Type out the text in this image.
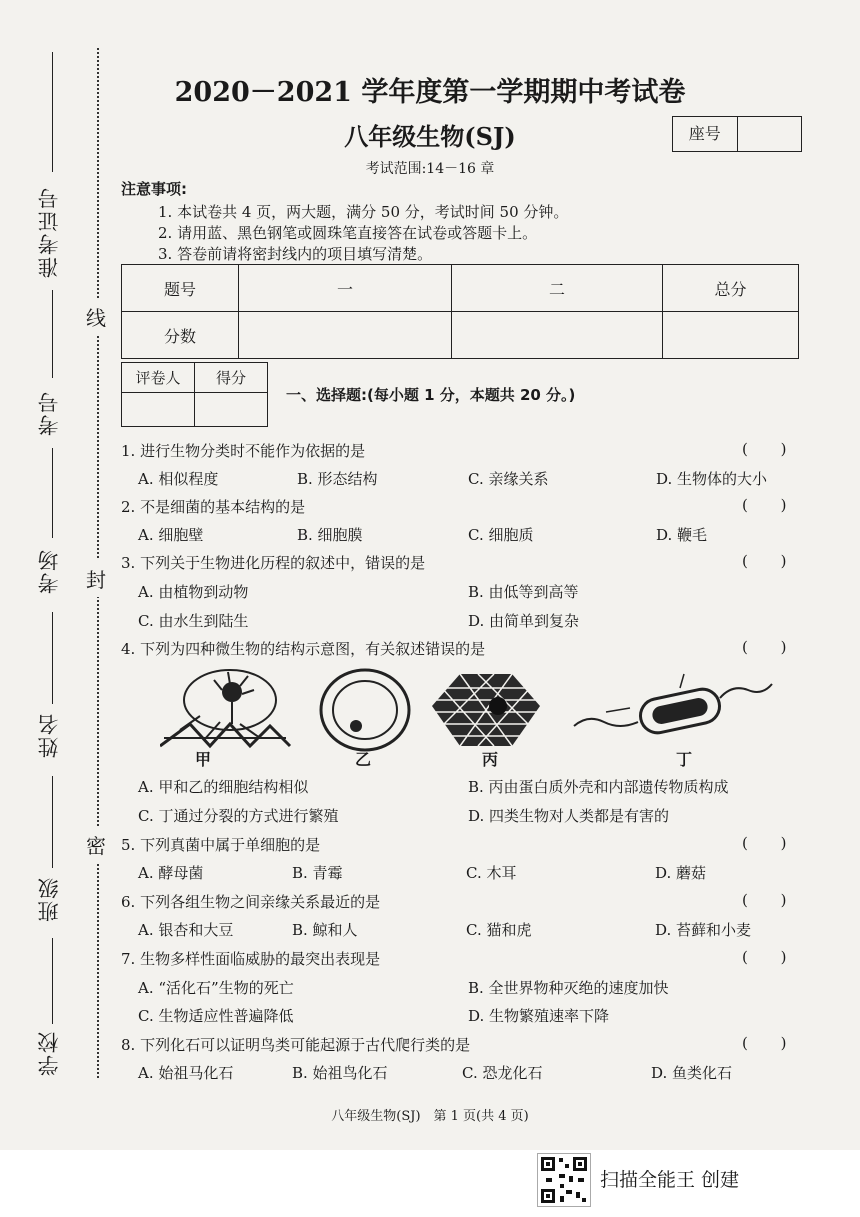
准考证号
考号
考场
姓名
班级
学校
线
封
密
2020－2021 学年度第一学期期中考试卷
八年级生物(SJ)	座号
考试范围:14－16 章
注意事项:
1. 本试卷共 4 页，两大题，满分 50 分，考试时间 50 分钟。
2. 请用蓝、黑色钢笔或圆珠笔直接答在试卷或答题卡上。
3. 答卷前请将密封线内的项目填写清楚。
题号	一	二	总分
分数			
评卷人	得分

一、选择题:(每小题 1 分，本题共 20 分。)
1. 进行生物分类时不能作为依据的是	( )
A. 相似程度	B. 形态结构	C. 亲缘关系	D. 生物体的大小
2. 不是细菌的基本结构的是	( )
A. 细胞壁	B. 细胞膜	C. 细胞质	D. 鞭毛
3. 下列关于生物进化历程的叙述中，错误的是	( )
A. 由植物到动物	B. 由低等到高等
C. 由水生到陆生	D. 由简单到复杂
4. 下列为四种微生物的结构示意图，有关叙述错误的是	( )
甲	乙	丙	丁
A. 甲和乙的细胞结构相似	B. 丙由蛋白质外壳和内部遗传物质构成
C. 丁通过分裂的方式进行繁殖	D. 四类生物对人类都是有害的
5. 下列真菌中属于单细胞的是	( )
A. 酵母菌	B. 青霉	C. 木耳	D. 蘑菇
6. 下列各组生物之间亲缘关系最近的是	( )
A. 银杏和大豆	B. 鲸和人	C. 猫和虎	D. 苔藓和小麦
7. 生物多样性面临威胁的最突出表现是	( )
A. “活化石”生物的死亡	B. 全世界物种灭绝的速度加快
C. 生物适应性普遍降低	D. 生物繁殖速率下降
8. 下列化石可以证明鸟类可能起源于古代爬行类的是	( )
A. 始祖马化石	B. 始祖鸟化石	C. 恐龙化石	D. 鱼类化石
八年级生物(SJ)　第 1 页(共 4 页)
扫描全能王 创建
